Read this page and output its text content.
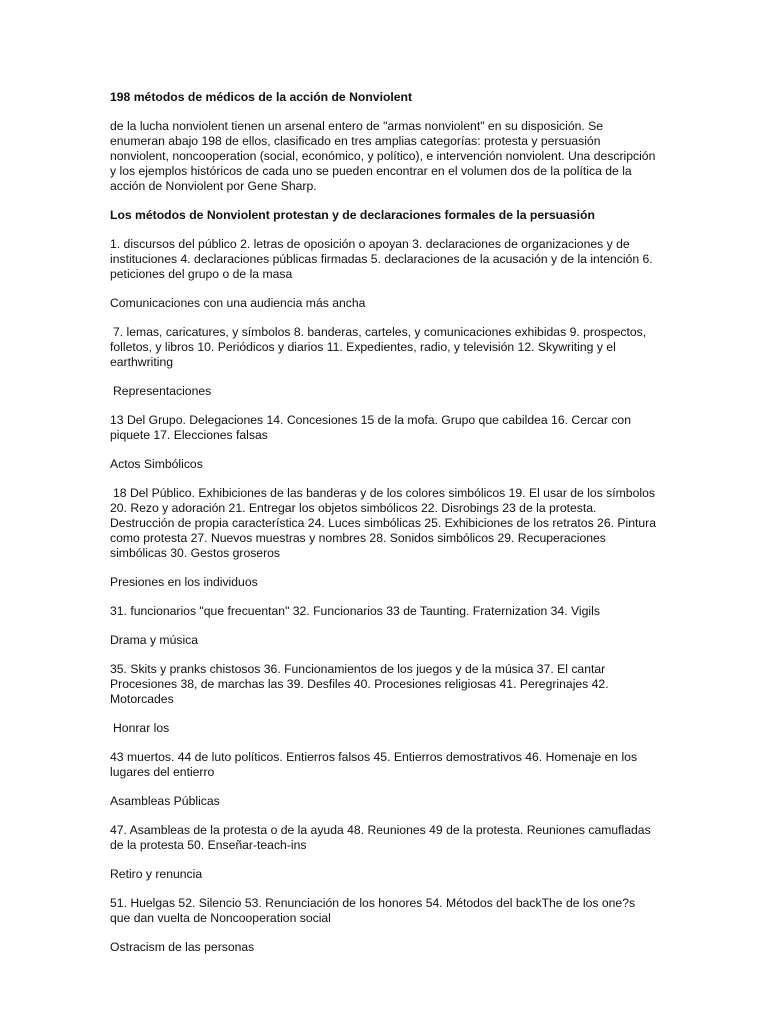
198 métodos de médicos de la acción de Nonviolent
de la lucha nonviolent tienen un arsenal entero de "armas nonviolent" en su disposición. Se enumeran abajo 198 de ellos, clasificado en tres amplias categorías: protesta y persuasión nonviolent, noncooperation (social, económico, y político), e intervención nonviolent. Una descripción y los ejemplos históricos de cada uno se pueden encontrar en el volumen dos de la política de la acción de Nonviolent por Gene Sharp.
Los métodos de Nonviolent protestan y de declaraciones formales de la persuasión
1. discursos del público 2. letras de oposición o apoyan 3. declaraciones de organizaciones y de instituciones 4. declaraciones públicas firmadas 5. declaraciones de la acusación y de la intención 6. peticiones del grupo o de la masa
Comunicaciones con una audiencia más ancha
7. lemas, caricatures, y símbolos 8. banderas, carteles, y comunicaciones exhibidas 9. prospectos, folletos, y libros 10. Periódicos y diarios 11. Expedientes, radio, y televisión 12. Skywriting y el earthwriting
Representaciones
13 Del Grupo. Delegaciones 14. Concesiones 15 de la mofa. Grupo que cabildea 16. Cercar con piquete 17. Elecciones falsas
Actos Simbólicos
18 Del Público. Exhibiciones de las banderas y de los colores simbólicos 19. El usar de los símbolos 20. Rezo y adoración 21. Entregar los objetos simbólicos 22. Disrobings 23 de la protesta. Destrucción de propia característica 24. Luces simbólicas 25. Exhibiciones de los retratos 26. Pintura como protesta 27. Nuevos muestras y nombres 28. Sonidos simbólicos 29. Recuperaciones simbólicas 30. Gestos groseros
Presiones en los individuos
31. funcionarios "que frecuentan" 32. Funcionarios 33 de Taunting. Fraternization 34. Vigils
Drama y música
35. Skits y pranks chistosos 36. Funcionamientos de los juegos y de la música 37. El cantar Procesiones 38, de marchas las 39. Desfiles 40. Procesiones religiosas 41. Peregrinajes 42. Motorcades
Honrar los
43 muertos. 44 de luto políticos. Entierros falsos 45. Entierros demostrativos 46. Homenaje en los lugares del entierro
Asambleas Públicas
47. Asambleas de la protesta o de la ayuda 48. Reuniones 49 de la protesta. Reuniones camufladas de la protesta 50. Enseñar-teach-ins
Retiro y renuncia
51. Huelgas 52. Silencio 53. Renunciación de los honores 54. Métodos del backThe de los one?s que dan vuelta de Noncooperation social
Ostracism de las personas
